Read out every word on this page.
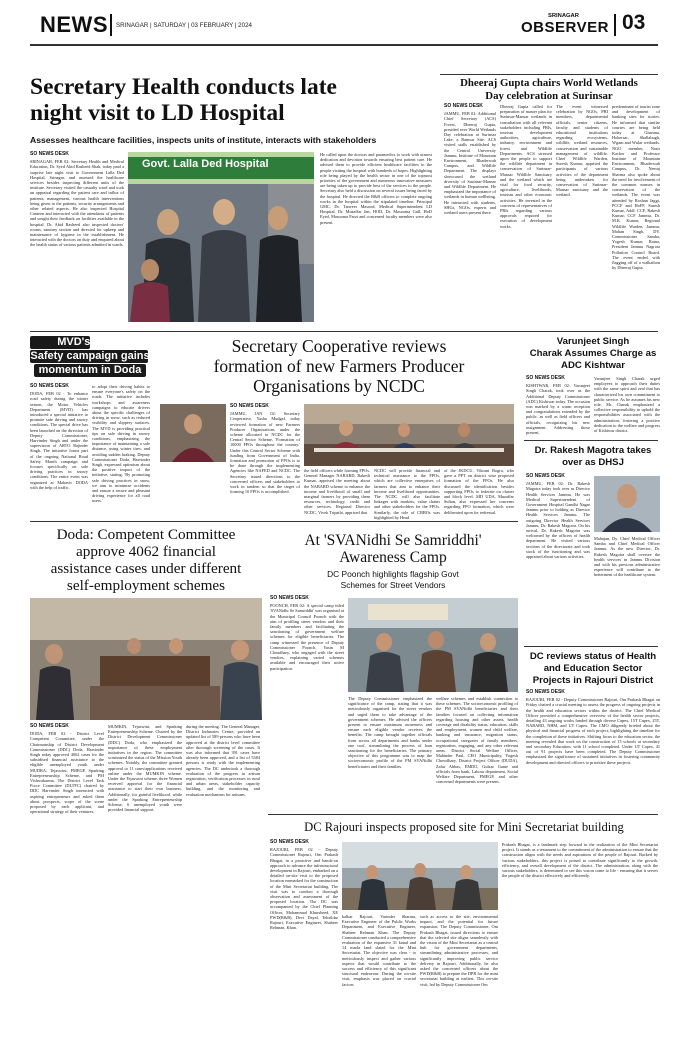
NEWS SRINAGAR | SATURDAY | 03 FEBRUARY | 2024
SRINAGAR
OBSERVER 03
Secretary Health conducts late
night visit to LD Hospital
Assesses healthcare facilities, inspects units of institute, interacts with stakeholders
SO NEWS DESK
SRINAGAR, FEB 02: Secretary Health and Medical Education, Dr. Syed Abid Rasheed Shah, today paid a surprise late night visit to Government Lalla Ded Hospital, Srinagar, and assessed the healthcare services besides inspecting different units of the institute. Secretary visited the casualty ward and took an appraisal regarding the patient care and influx of patients, management, various health interventions being given to the patients, security arrangements and other related aspects. He also inspected Hospital Canteen and interacted with the attendants of patients and sought their feedback on facilities available in the hospital. Dr. Abid Rasheed also inspected doctors' rooms, sanitary section and directed for upkeep and maintenance of hygiene in the establishment. He interacted with the doctors on duty and enquired about the health status of various patients admitted in wards.
Govt. Lalla Ded Hospital
He called upon the doctors and paramedics to work with utmost dedication and devotion towards ensuring best patient care. He advised them to provide efficient healthcare facilities to the people visiting the hospital with hundreds of hopes. Highlighting role being played by the health sector in one of the topmost priorities of the government and numerous innovative measures are being taken up to provide best of the services to the people. Secretary also held a discussion on several issues being faced by the hospital. He directed the R&B officers to complete ongoing works in the hospital within the stipulated timeline. Principal GMC, Dr. Tanveer Masood, Medical Superintendent LD Hospital, Dr. Muzaffar Jan, HOD, Dr. Masooma Gull, HoD Eyed, Masooma Farzi and concerned faculty members were also present.
Dheeraj Gupta chairs World Wetlands
Day celebration at Surinsar
SO NEWS DESK
JAMMU, FEB 02: Additional Chief Secretary (ACS) Forest, Dheeraj Gupta, presided over World Wetlands Day celebration at Surinsar Lake, a Ramsar Site. ACS visited stalls established by the Central University Jammu, Institute of Mountain Environment, Bhaderwah Campus, and Wildlife Department. The displays showcased the wetland diversity of Surinsar-Mansar and Wildlife Department. He emphasized the importance of wetlands in human wellbeing. He interacted with students, SHGs, NGOs, experts and wetland users present there.
Dheeraj Gupta called for preparation of master plan for Surinsar-Mansar wetlands in consultation with all relevant stakeholders including PRIs, tourism development authorities, agriculture, industry, environment and forest and Wildlife Departments. ACS stressed upon the people to support the wildlife department in conservation of Surinsar-Mansar Wildlife Sanctuary and the wetland which are vital for food security, agriculture, livelihoods, tourism and other economic activities. He invested in the concerns of representatives of PRIs regarding various approvals required for execution of development works.
The event witnessed celebration by NGOs, PRI members, departmental officials, senior citizens, faculty and students of educational institutions regarding ecosystems, wildlife, wetland resources, conservation and sustainable management of wildlife. Chief Wildlife Warden, Suresh Kumar, apprised the participants of various activities of the department being undertaken for conservation of Surinsar-Mansar sanctuary and the wetland.
predominant of tourist zone and development of banking sites for stories. He informed that similar courses are being held today at Gharana, Hokersar, Shallabugh, Wgam and Wular wetlands. NGO member, Nasir Kacker and Professor Institute of Mountain Environment, Bhaderwah Campus, Dr. Neeraj Sharma also spoke about the need for involvement of the common masses in conservation of the wetlands. The event was attended by Roshan Jaggi, PCCF and HoFF, Suresh Kumar, Addl. CCF, Rakesh Kumar, CCF Jammu, Dr. M.K. Kumar, Regional Wildlife Warden, Jammu, Mohan Singh, DY. Commissioner Samba, Yogesh Kumar, Raina, President Jammu Nagrota Pollution Control Board. The event ended with flagging off of a walkathon by Dheeraj Gupta.
MVD's Snow
Safety campaign gains
momentum in Doda
SO NEWS DESK
DODA, FEB 02 - To enhance road safety during the winter season, the Motor Vehicles Department (MVD) has introduced a special initiative to promote safe driving and snowy conditions. The special drive has been launched on the direction of Deputy Commissioner, Harvinder Singh and under the supervision of ARTO Rajinder Singh. The initiative forms part of the ongoing National Road Safety Month campaign and focuses specifically on safe driving practices in snowy conditions. The entire event was organized at Mahavir DODA with the help of traffic.
to adopt their driving habits to ensure everyone's safety on the roads. The initiative includes workshops and awareness campaigns to educate drivers about the specific challenges of driving in snow, such as reduced visibility and slippery surfaces. The MVD is providing practical tips on safe driving in snowy conditions, emphasizing the importance of maintaining a safe distance, using winter tires, and avoiding sudden braking. Deputy Commissioner Doda, Harvinder Singh, expressed optimism about the positive impact of the initiative, stating, 'By promoting safe driving practices in snow, we aim to minimize accidents and ensure a secure and pleasant driving experience for all road users.'
Secretary Cooperative reviews
formation of new Farmers Producer
Organisations by NCDC
SO NEWS DESK
JAMMU, JAN 02: Secretary Cooperative, Yasha Mudgal, today reviewed formation of new Farmers Producer Organisations under the scheme allocated to NCDC for the Central Sector Scheme, 'Formation of 10000 FPOs throughout the country.' Under this Central Sector Scheme with funding from Government of India, formation and promotion of FPOs is to be done through the implementing Agencies like NAFED and NCDC. The Secretary issued directions to the concerned officers and stakeholders to work in tandem so that the target of forming 10 FPOs is accomplished.
the field officers while forming FPOs. General Manager NABARD, Rakesh Kumar, apprised the meeting about the NABARD scheme to enhance the income and livelihood of small and marginal farmers by providing them resources, technology, credit and other services. Regional Director NCDC, Vivek Tripathi, apprised that
NCDC will provide financial and technical assistance to the FPOs, which are collective enterprises of farmers that aim to enhance their income and livelihood opportunities. The NCDC will also facilitate linkages with markets, value chains and other stakeholders for the FPOs. Similarly, the role of CBBOs was highlighted by Head
of the JKDCU, Vikrant Bogra, who gave a PPT on district wise proposed formation of the FPOs. He also discussed the identification besides supporting FPOs to federate on cluster and block level. MD UDA, Muzaffar Sultan, also expressed her concerns regarding FPO formation, which were deliberated upon for redressal.
Varunjeet Singh
Charak Assumes Charge as
ADC Kishtwar
SO NEWS DESK
KISHTWAR, FEB 02: Varunjeet Singh Charak, took over as the Additional Deputy Commissioner (ADC) Kishtwar today. The occasion was marked by a warm reception and congratulations extended by the public, as well as field officers and officials, recognizing his new assignment. Addressing those present,
Varunjeet Singh Charak urged employees to approach their duties with the same spirit and zeal that has characterized his own commitment to public service. As he assumes his new role, Mr. Charak emphasized a collective responsibility to uphold the responsibilities associated with the administration, fostering a positive dedication to the welfare and progress of Kishtwar district.
Dr. Rakesh Magotra takes
over as DHSJ
SO NEWS DESK
JAMMU, FEB 02: Dr. Rakesh Magotra today took over as Director Health Services Jammu. He was Medical Superintendent of Government Hospital Gandhi Nagar Jammu prior to holding as Director Health Services Jammu. The outgoing Director Health Services Jammu, Dr. Rakesh Magotra. On his arrival, Dr. Rakesh Magotra was welcomed by the officers of health department. He visited various sections of the directorate and took stock of the functioning and was appraised about various activities.
Mahajan, Dy. Chief Medical Officer Samba and Chief Medical Officer Jammu. As the new Director, Dr. Rakesh Magotra shall oversee the health services in Jammu Division and with his previous administrative experience will contribute to the betterment of the healthcare system.
Doda: Competent Committee
approve 4062 financial
assistance cases under different
self-employment schemes
SO NEWS DESK
DODA, FEB 02 - District Level Competent Committee, under the Chairmanship of District Development Commissioner (DDC) Doda, Harvinder Singh today approved 4062 cases for the subsidised financial assistance to the eligible unemployed youth under MUDRA, Tejaswini, PMEGP, Sparking Entrepreneurship Scheme, and PM Vishwakarma. The District Level Task Force Committee (DLTFC) chaired by DDC Harvinder Singh interacted with aspiring entrepreneurs and asked them about prospects, scope of the scene proposed by each applicant, and operational strategy of their ventures.
MUMKIN, Tejaswini, and Sparking Entrepreneurship Scheme. Chaired by the District Development Commissioner (DDC) Doda, who emphasized the importance of these employment initiatives in the region. The committee scrutinized the status of the Mission Youth schemes. Notably, the committee granted approval to 11 cases/applications received online under the MUMKIN scheme. Under the Tejaswini scheme, three Women received approval for the financial assistance to start their own business. Additionally, for gainful livelihood, while under the Sparking Entrepreneurship Scheme, 6 unemployed youth were provided financial support.
during the meeting. The General Manager, District Industries Centre, provided an updated list of 589 persons who have been approved at the district level committee after thorough screening of the cases. It was also informed that 391 cases have already been approved, and a list of 5384 persons is ready with the implementing agencies. The DC undertook a thorough evaluation of the progress in artisan registration, verification processes in rural and urban areas, stakeholder capacity building, and the monitoring and evaluation mechanism for artisans.
At 'SVANidhi Se Samriddhi'
Awareness Camp
DC Poonch highlights flagship Govt
Schemes for Street Vendors
SO NEWS DESK
POONCH, FEB 02: A special camp titled 'SVANidhi Se Samriddhi' was organised at the Municipal Council Poonch with the aim of profiling street vendors and their family members and facilitating the sanctioning of government welfare schemes for eligible beneficiaries. The camp witnessed the presence of Deputy Commissioner Poonch, Yasin M Choudhary, who engaged with the street vendors, explaining varied schemes available and encouraged their active participation.
The Deputy Commissioner emphasized the significance of the camp, stating that it was meticulously organised for the street vendors and urged them to take advantage of the government schemes. He advised the officers present to ensure maximum awareness and ensure each eligible vendor receives the benefits. The camp brought together officials from across all departments and banks under one roof, streamlining the process of loan sanctioning for the beneficiaries. The primary objective of this programme was to map the socioeconomic profile of the PM SVANidhi beneficiaries and their families.
welfare schemes and establish connection to these schemes. The socioeconomic profiling of the PM SVANidhi beneficiaries and their families focused on collecting information regarding housing and other assets, health coverage and disability status, education, skills and employment, women and child welfare, banking and insurance, migration status, occupational categories of family members, registration, engaging, and any other relevant areas. District Social Welfare Officer, Mahinder Paul, CEO Municipality, Yogesh Chowdhary, District Project Officer (DUDA), Zafar Abbas, EMDO, Gulzar Ganie and officials from bank, Labour department, Social Welfare Department, PMEGP, and other concerned departments were present.
DC reviews status of Health
and Education Sector
Projects in Rajouri District
SO NEWS DESK
RAJOURI, FEB 02 - Deputy Commissioner Rajouri, Om Prakash Bhagat on Friday chaired a crucial meeting to assess the progress of ongoing projects in the health and education sectors within the district. The Chief Medical Officer provided a comprehensive overview of the health sector projects, detailing 43 ongoing works funded through diverse Capex, 15T Capex, 25T, NABARD, NHM, and UT Capex. The CMO diligently briefed about the physical and financial progress of each project, highlighting the timeline for the completion of these initiatives. Shifting focus to the education sector, the meeting revealed that work on the construction of 15 schools at secondary and secondary Education, with 11 school completed. Under UT Capex, 41 out of 91 projects have been completed. The Deputy Commissioner emphasized the significance of sustained initiatives in fostering community development and directed officers to prioritize these projects.
DC Rajouri inspects proposed site for Mini Secretariat building
SO NEWS DESK
RAJOURI, FEB 02 - Deputy Commissioner Rajouri, Om Prakash Bhagat, in a proactive and hands-on approach to advance the infrastructural development in Rajouri, embarked on a detailed on-site visit to the proposed location earmarked for the construction of the Mini Secretariat building. The visit was to conduct a thorough observation and assessment of the proposed location. The DC was accompanied by the Chief Planning Officer, Mohammad Khursheed, XE PWD(R&B), Devi Dayal, Tehsildar Rajouri, Executive Engineer, Shabeer Rehman, Khan.
kalkar Rajouri, Varinder Sharma, Executive Engineer of the Public Works Department, and Executive Engineer, Shabeer Rehman Khan. The Deputy Commissioner conducted a comprehensive evaluation of the expansive 31 kanal and 14 marla land slated for the Mini Secretariat. The objective was clear - to meticulously inspect and gather various aspects that would contribute to the success and efficiency of this significant structural endeavour. During the on-site visit, emphasis was placed on crucial factors
such as access to the site, environmental impact, and the potential for future expansion. The Deputy Commissioner, Om Prakash Bhagat, issued directions to ensure that the selected site aligns seamlessly with the vision of the Mini Secretariat as a central hub for government departments, streamlining administrative processes, and significantly improving public service delivery in Rajouri. Additionally, he also asked the concerned officers about the PWD(R&B) to prepare the DPR for the mini secretariat building at earliest. This on-site visit, led by Deputy Commissioner Om
Prakash Bhagat, is a landmark step forward in the realization of the Mini Secretariat project. It stands as a testament to the commitment of the administration to ensure that the construction aligns with the needs and aspirations of the people of Rajouri. Backed by various stakeholders, this project is poised to contribute significantly to the growth, efficiency, and overall development of the district. The administration, along with the various stakeholders, is determined to see this vision come to life - ensuring that it serves the people of the district effectively and efficiently.
